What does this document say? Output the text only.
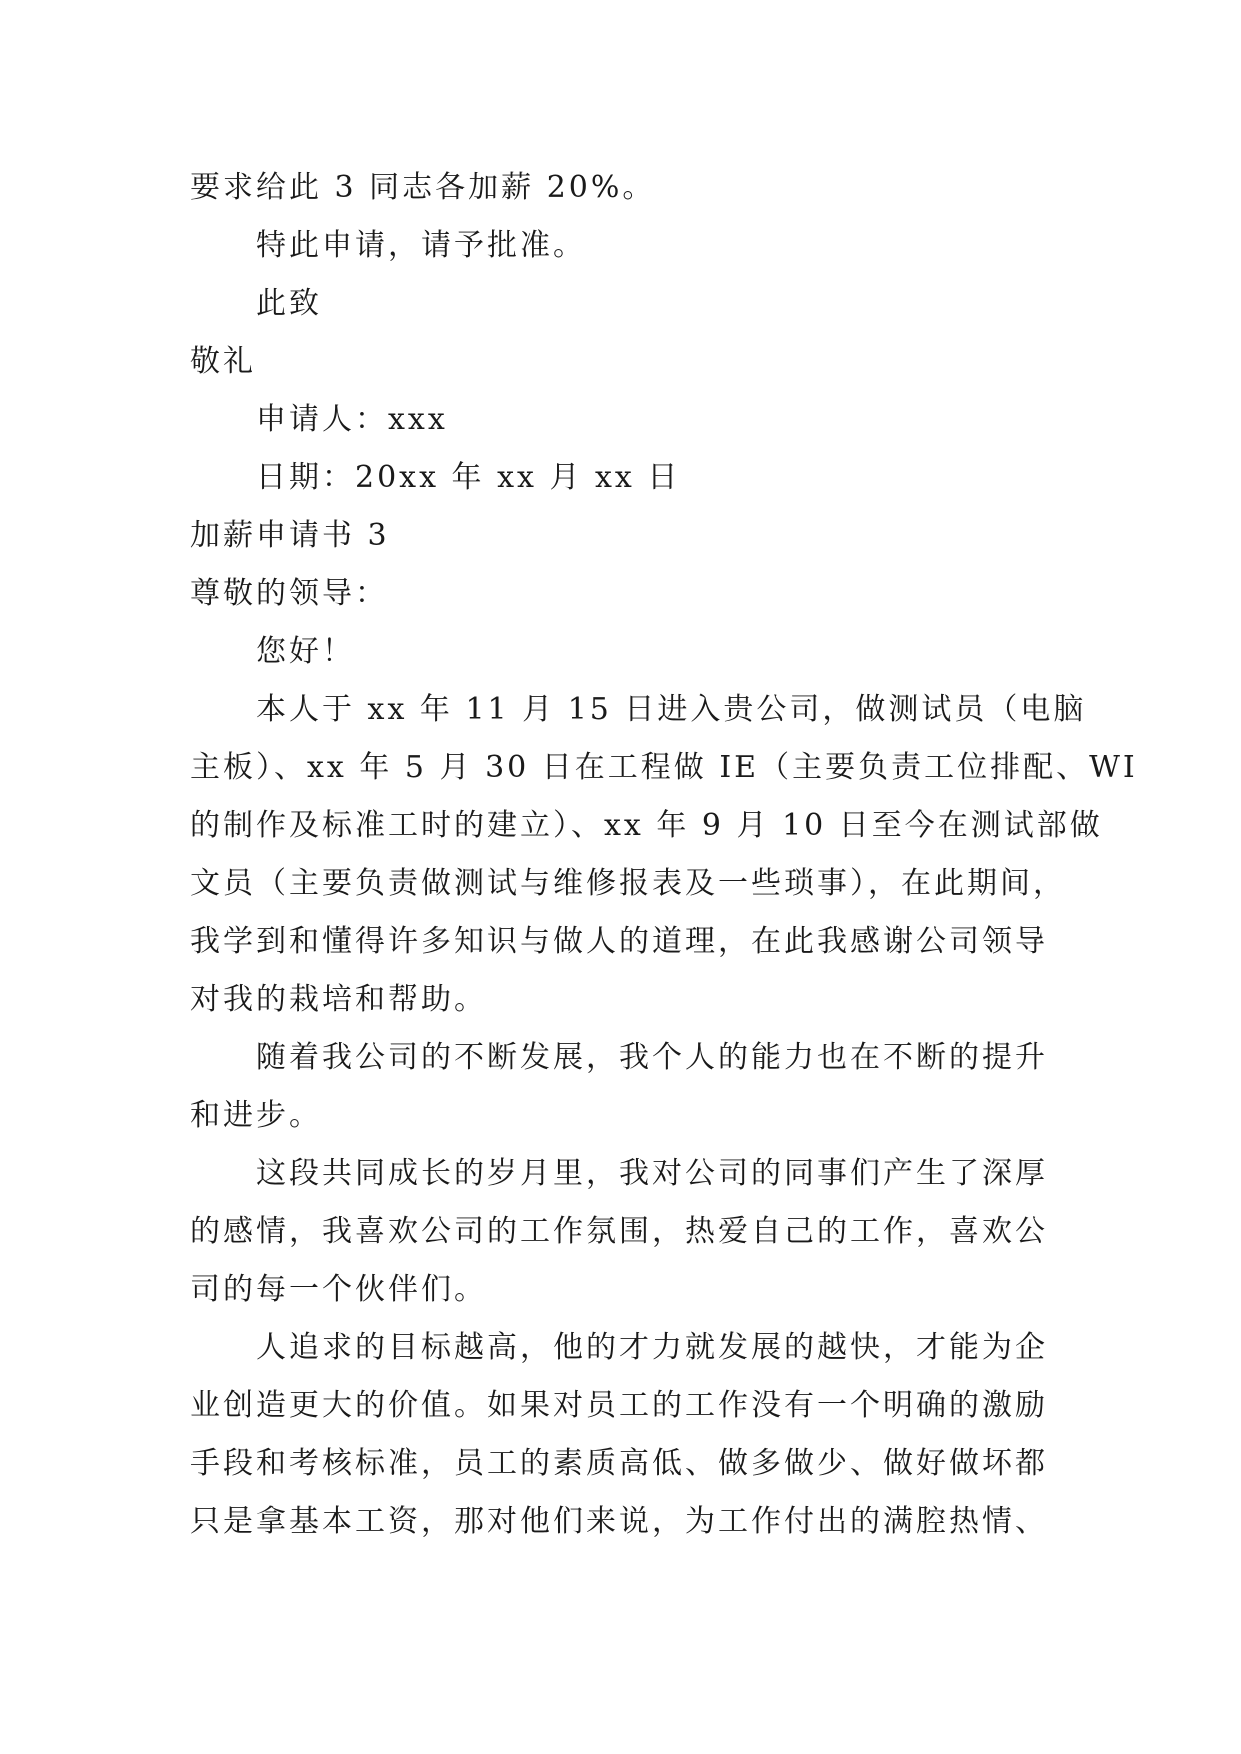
要求给此 3 同志各加薪 20%。

特此申请，请予批准。

此致

敬礼

申请人：xxx

日期：20xx 年 xx 月 xx 日

加薪申请书 3

尊敬的领导：

您好！

本人于 xx 年 11 月 15 日进入贵公司，做测试员（电脑

主板）、xx 年 5 月 30 日在工程做 IE（主要负责工位排配、WI

的制作及标准工时的建立）、xx 年 9 月 10 日至今在测试部做

文员（主要负责做测试与维修报表及一些琐事），在此期间，

我学到和懂得许多知识与做人的道理，在此我感谢公司领导

对我的栽培和帮助。

随着我公司的不断发展，我个人的能力也在不断的提升

和进步。

这段共同成长的岁月里，我对公司的同事们产生了深厚

的感情，我喜欢公司的工作氛围，热爱自己的工作，喜欢公

司的每一个伙伴们。

人追求的目标越高，他的才力就发展的越快，才能为企

业创造更大的价值。如果对员工的工作没有一个明确的激励

手段和考核标准，员工的素质高低、做多做少、做好做坏都

只是拿基本工资，那对他们来说，为工作付出的满腔热情、
